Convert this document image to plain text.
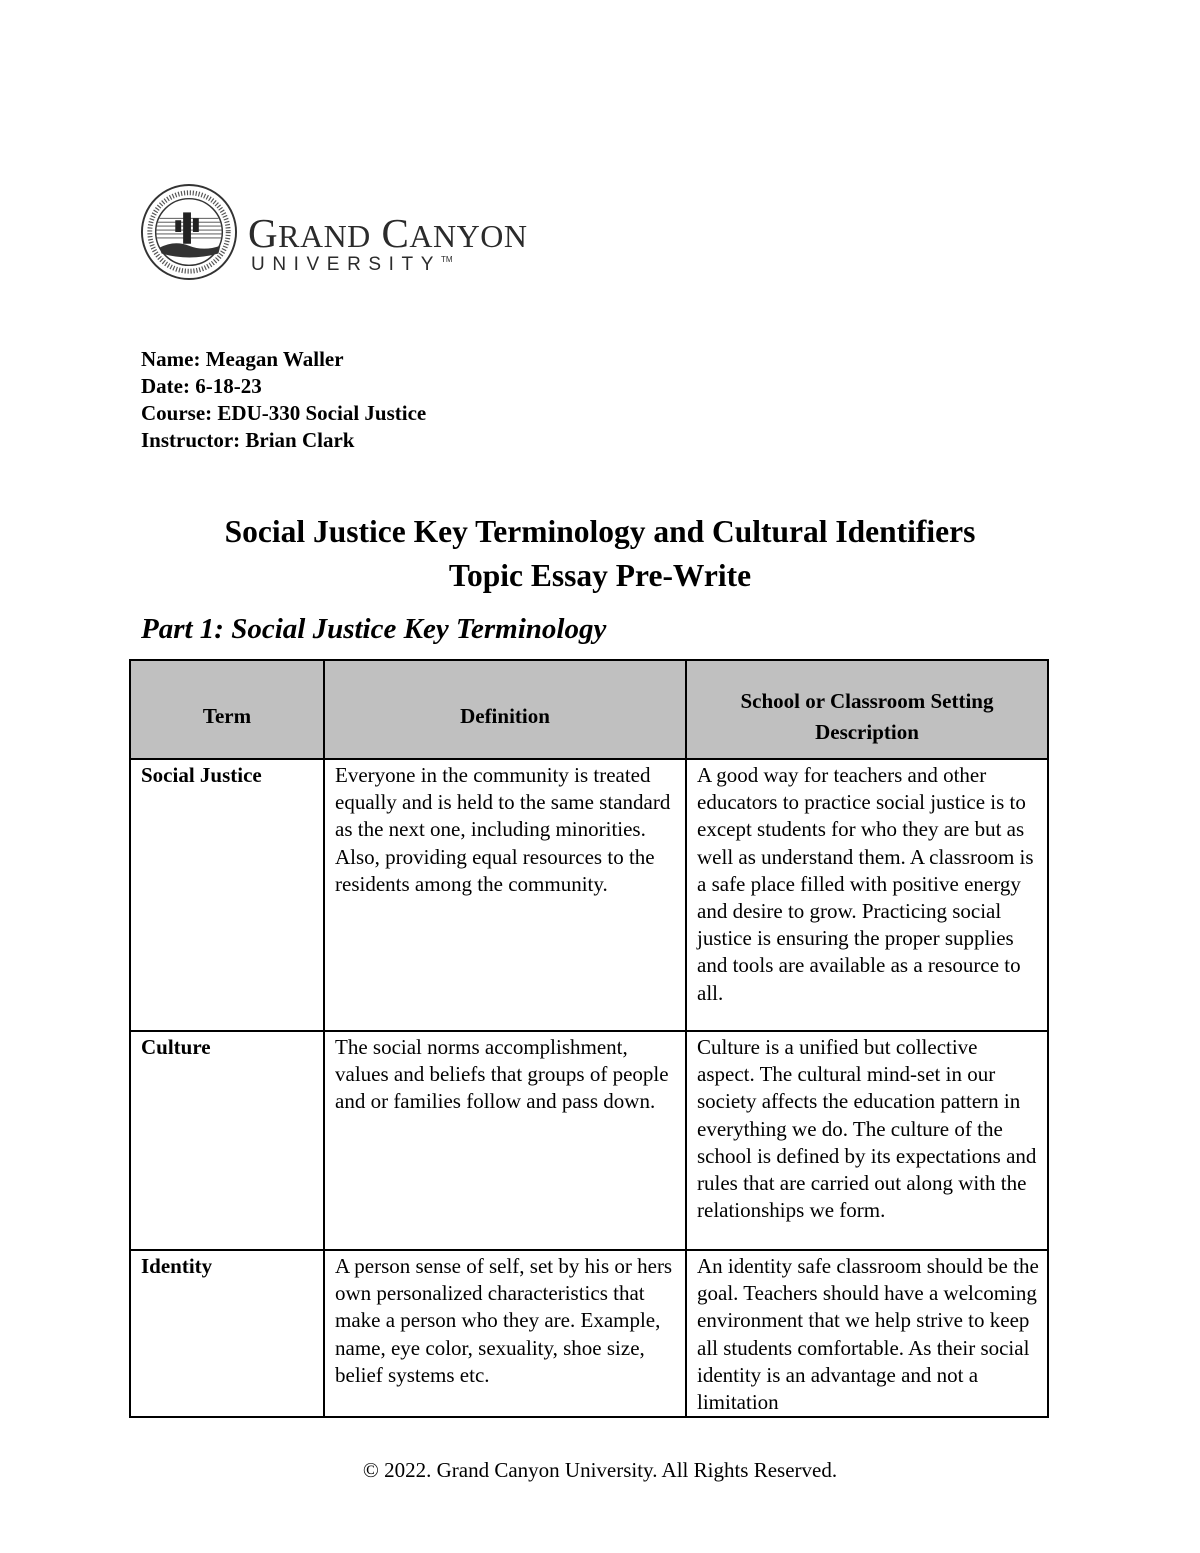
GRAND CANYON
UNIVERSITY™
Name: Meagan Waller
Date: 6-18-23
Course: EDU-330 Social Justice
Instructor: Brian Clark
Social Justice Key Terminology and Cultural Identifiers
Topic Essay Pre-Write
Part 1: Social Justice Key Terminology
Term	Definition	School or Classroom Setting Description
Social Justice	Everyone in the community is treated equally and is held to the same standard as the next one, including minorities. Also, providing equal resources to the residents among the community.	A good way for teachers and other educators to practice social justice is to except students for who they are but as well as understand them. A classroom is a safe place filled with positive energy and desire to grow. Practicing social justice is ensuring the proper supplies and tools are available as a resource to all.
Culture	The social norms accomplishment, values and beliefs that groups of people and or families follow and pass down.	Culture is a unified but collective aspect. The cultural mind-set in our society affects the education pattern in everything we do. The culture of the school is defined by its expectations and rules that are carried out along with the relationships we form.
Identity	A person sense of self, set by his or hers own personalized characteristics that make a person who they are. Example, name, eye color, sexuality, shoe size, belief systems etc.	An identity safe classroom should be the goal. Teachers should have a welcoming environment that we help strive to keep all students comfortable. As their social identity is an advantage and not a limitation
© 2022. Grand Canyon University. All Rights Reserved.
